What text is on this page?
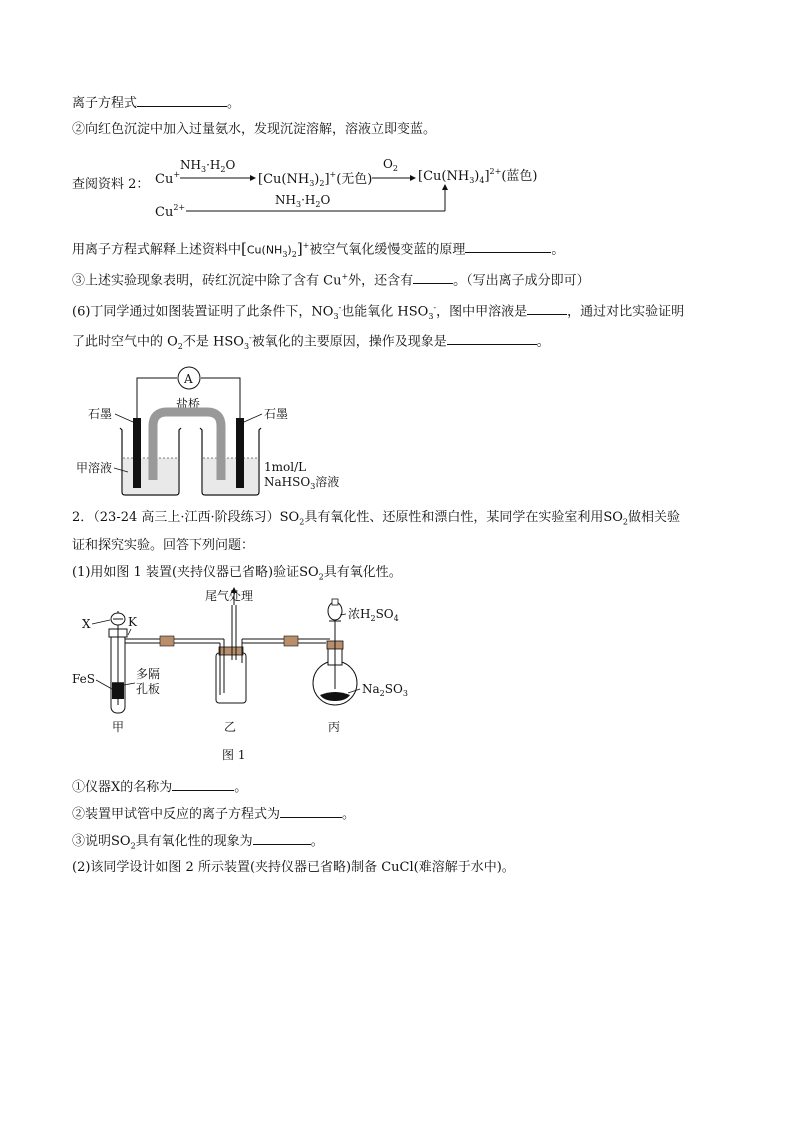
离子方程式	。
②向红色沉淀中加入过量氨水，发现沉淀溶解，溶液立即变蓝。
查阅资料 2： Cu+
$NH_3\cdot H_2O$
$[Cu(NH_3)_2]^+$(无色)
$O_2$
$[Cu(NH_3)_4]^{2+}$(蓝色)
$Cu^{2+}$
$NH_3\cdot H_2O$
用离子方程式解释上述资料中$[Cu(NH_3)_2]^+$被空气氧化缓慢变蓝的原理	。
③上述实验现象表明，砖红沉淀中除了含有 Cu+外，还含有	。（写出离子成分即可）
(6)丁同学通过如图装置证明了此条件下，$NO_3^-$也能氧化 $HSO_3^-$，图中甲溶液是	，通过对比实验证明
了此时空气中的 $O_2$不是 $HSO_3^-$被氧化的主要原因，操作及现象是	。
A
盐桥
石墨	石墨
甲溶液	1mol/L
NaHSO$_3$溶液
2．（23-24 高三上·江西·阶段练习）$SO_2$具有氧化性、还原性和漂白性，某同学在实验室利用$SO_2$做相关验
证和探究实验。回答下列问题：
(1)用如图 1 装置(夹持仪器已省略)验证$SO_2$具有氧化性。
X	K
FeS	多隔
孔板
尾气处理
浓$H_2SO_4$
$Na_2SO_3$
甲	乙	丙
图 1
①仪器X的名称为	。
②装置甲试管中反应的离子方程式为	。
③说明$SO_2$具有氧化性的现象为	。
(2)该同学设计如图 2 所示装置(夹持仪器已省略)制备 CuCl(难溶解于水中)。
